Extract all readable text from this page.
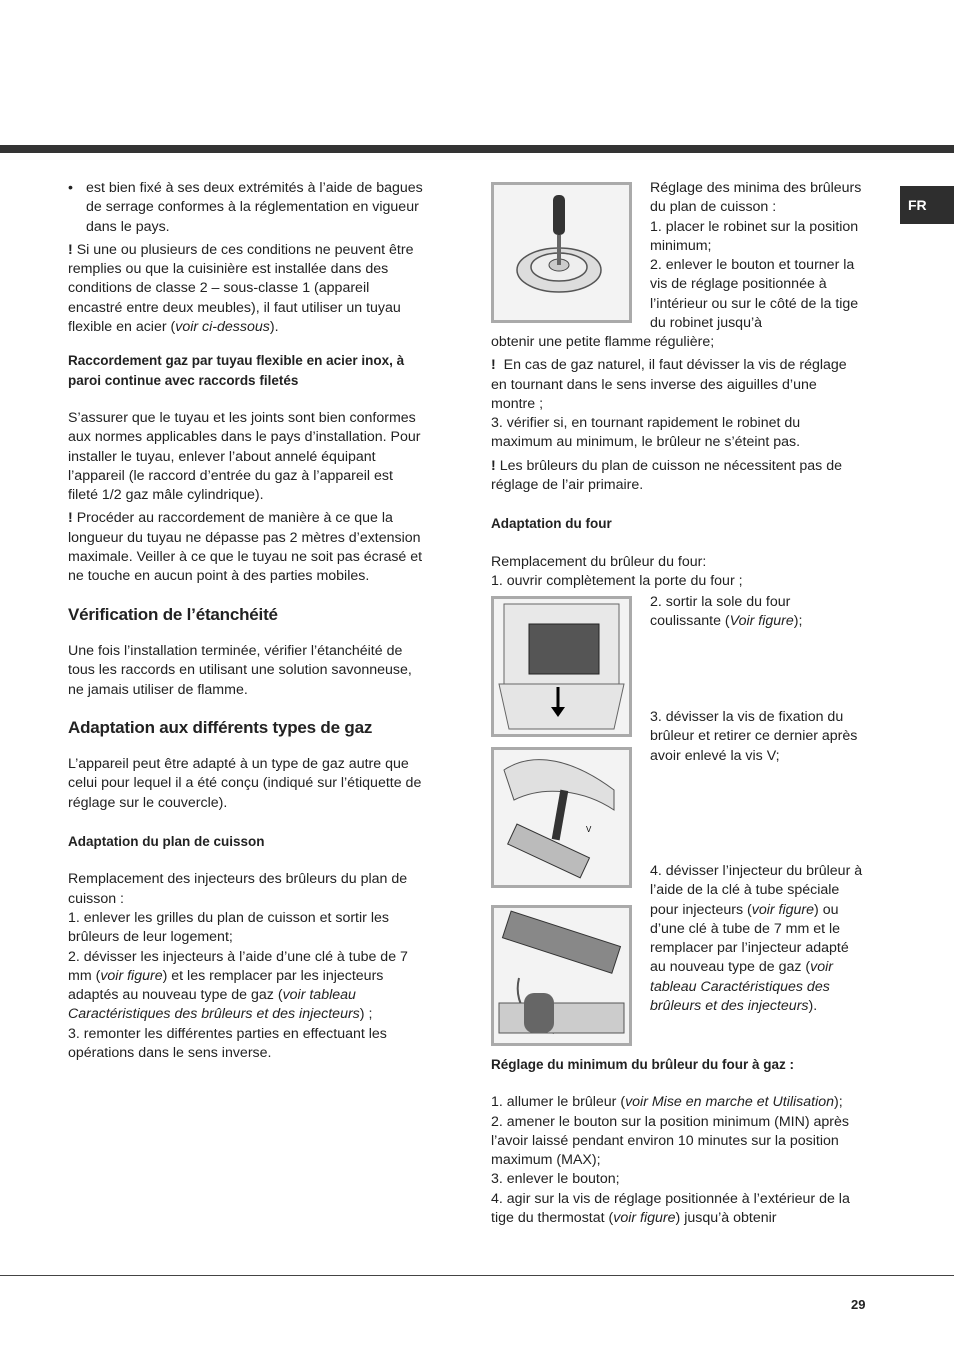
FR

• est bien fixé à ses deux extrémités à l’aide de bagues de serrage conformes à la réglementation en vigueur dans le pays.

! Si une ou plusieurs de ces conditions ne peuvent être remplies ou que la cuisinière est installée dans des conditions de classe 2 – sous-classe 1 (appareil encastré entre deux meubles), il faut utiliser un tuyau flexible en acier (voir ci-dessous).

Raccordement gaz par tuyau flexible en acier inox, à paroi continue avec raccords filetés

S’assurer que le tuyau et les joints sont bien conformes aux normes applicables dans le pays d’installation. Pour installer le tuyau, enlever l’about annelé équipant l’appareil (le raccord d’entrée du gaz à l’appareil est fileté 1/2 gaz mâle cylindrique).

! Procéder au raccordement de manière à ce que la longueur du tuyau ne dépasse pas 2 mètres d’extension maximale. Veiller à ce que le tuyau ne soit pas écrasé et ne touche en aucun point à des parties mobiles.

Vérification de l’étanchéité

Une fois l’installation terminée, vérifier l’étanchéité de tous les raccords en utilisant une solution savonneuse, ne jamais utiliser de flamme.

Adaptation aux différents types de gaz

L’appareil peut être adapté à un type de gaz autre que celui pour lequel il a été conçu (indiqué sur l’étiquette de réglage sur le couvercle).

Adaptation du plan de cuisson

Remplacement des injecteurs des brûleurs du plan de cuisson :

1. enlever les grilles du plan de cuisson et sortir les brûleurs de leur logement;

2. dévisser les injecteurs à l’aide d’une clé à tube de 7 mm (voir figure) et les remplacer par les injecteurs adaptés au nouveau type de gaz (voir tableau Caractéristiques des brûleurs et des injecteurs) ;

3. remonter les différentes parties en effectuant les opérations dans le sens inverse.

V
Réglage des minima des brûleurs du plan de cuisson :
1. placer le robinet sur la position minimum;
2. enlever le bouton et tourner la vis de réglage positionnée à l’intérieur ou sur le côté de la tige du robinet jusqu’à

obtenir une petite flamme régulière;

! En cas de gaz naturel, il faut dévisser la vis de réglage en tournant dans le sens inverse des aiguilles d’une montre ;

3. vérifier si, en tournant rapidement le robinet du maximum au minimum, le brûleur ne s’éteint pas.

! Les brûleurs du plan de cuisson ne nécessitent pas de réglage de l’air primaire.

Adaptation du four

Remplacement du brûleur du four:

1. ouvrir complètement la porte du four ;

2. sortir la sole du four coulissante (Voir figure);
3. dévisser la vis de fixation du brûleur et retirer ce dernier après avoir enlevé la vis V;
4. dévisser l’injecteur du brûleur à l’aide de la clé à tube spéciale pour injecteurs (voir figure) ou d’une clé à tube de 7 mm et le remplacer par l’injecteur adapté au nouveau type de gaz (voir tableau Caractéristiques des brûleurs et des injecteurs).

Réglage du minimum du brûleur du four à gaz :

1. allumer le brûleur (voir Mise en marche et Utilisation);

2. amener le bouton sur la position minimum (MIN) après l’avoir laissé pendant environ 10 minutes sur la position maximum (MAX);

3. enlever le bouton;

4. agir sur la vis de réglage positionnée à l’extérieur de la tige du thermostat (voir figure) jusqu’à obtenir

29
